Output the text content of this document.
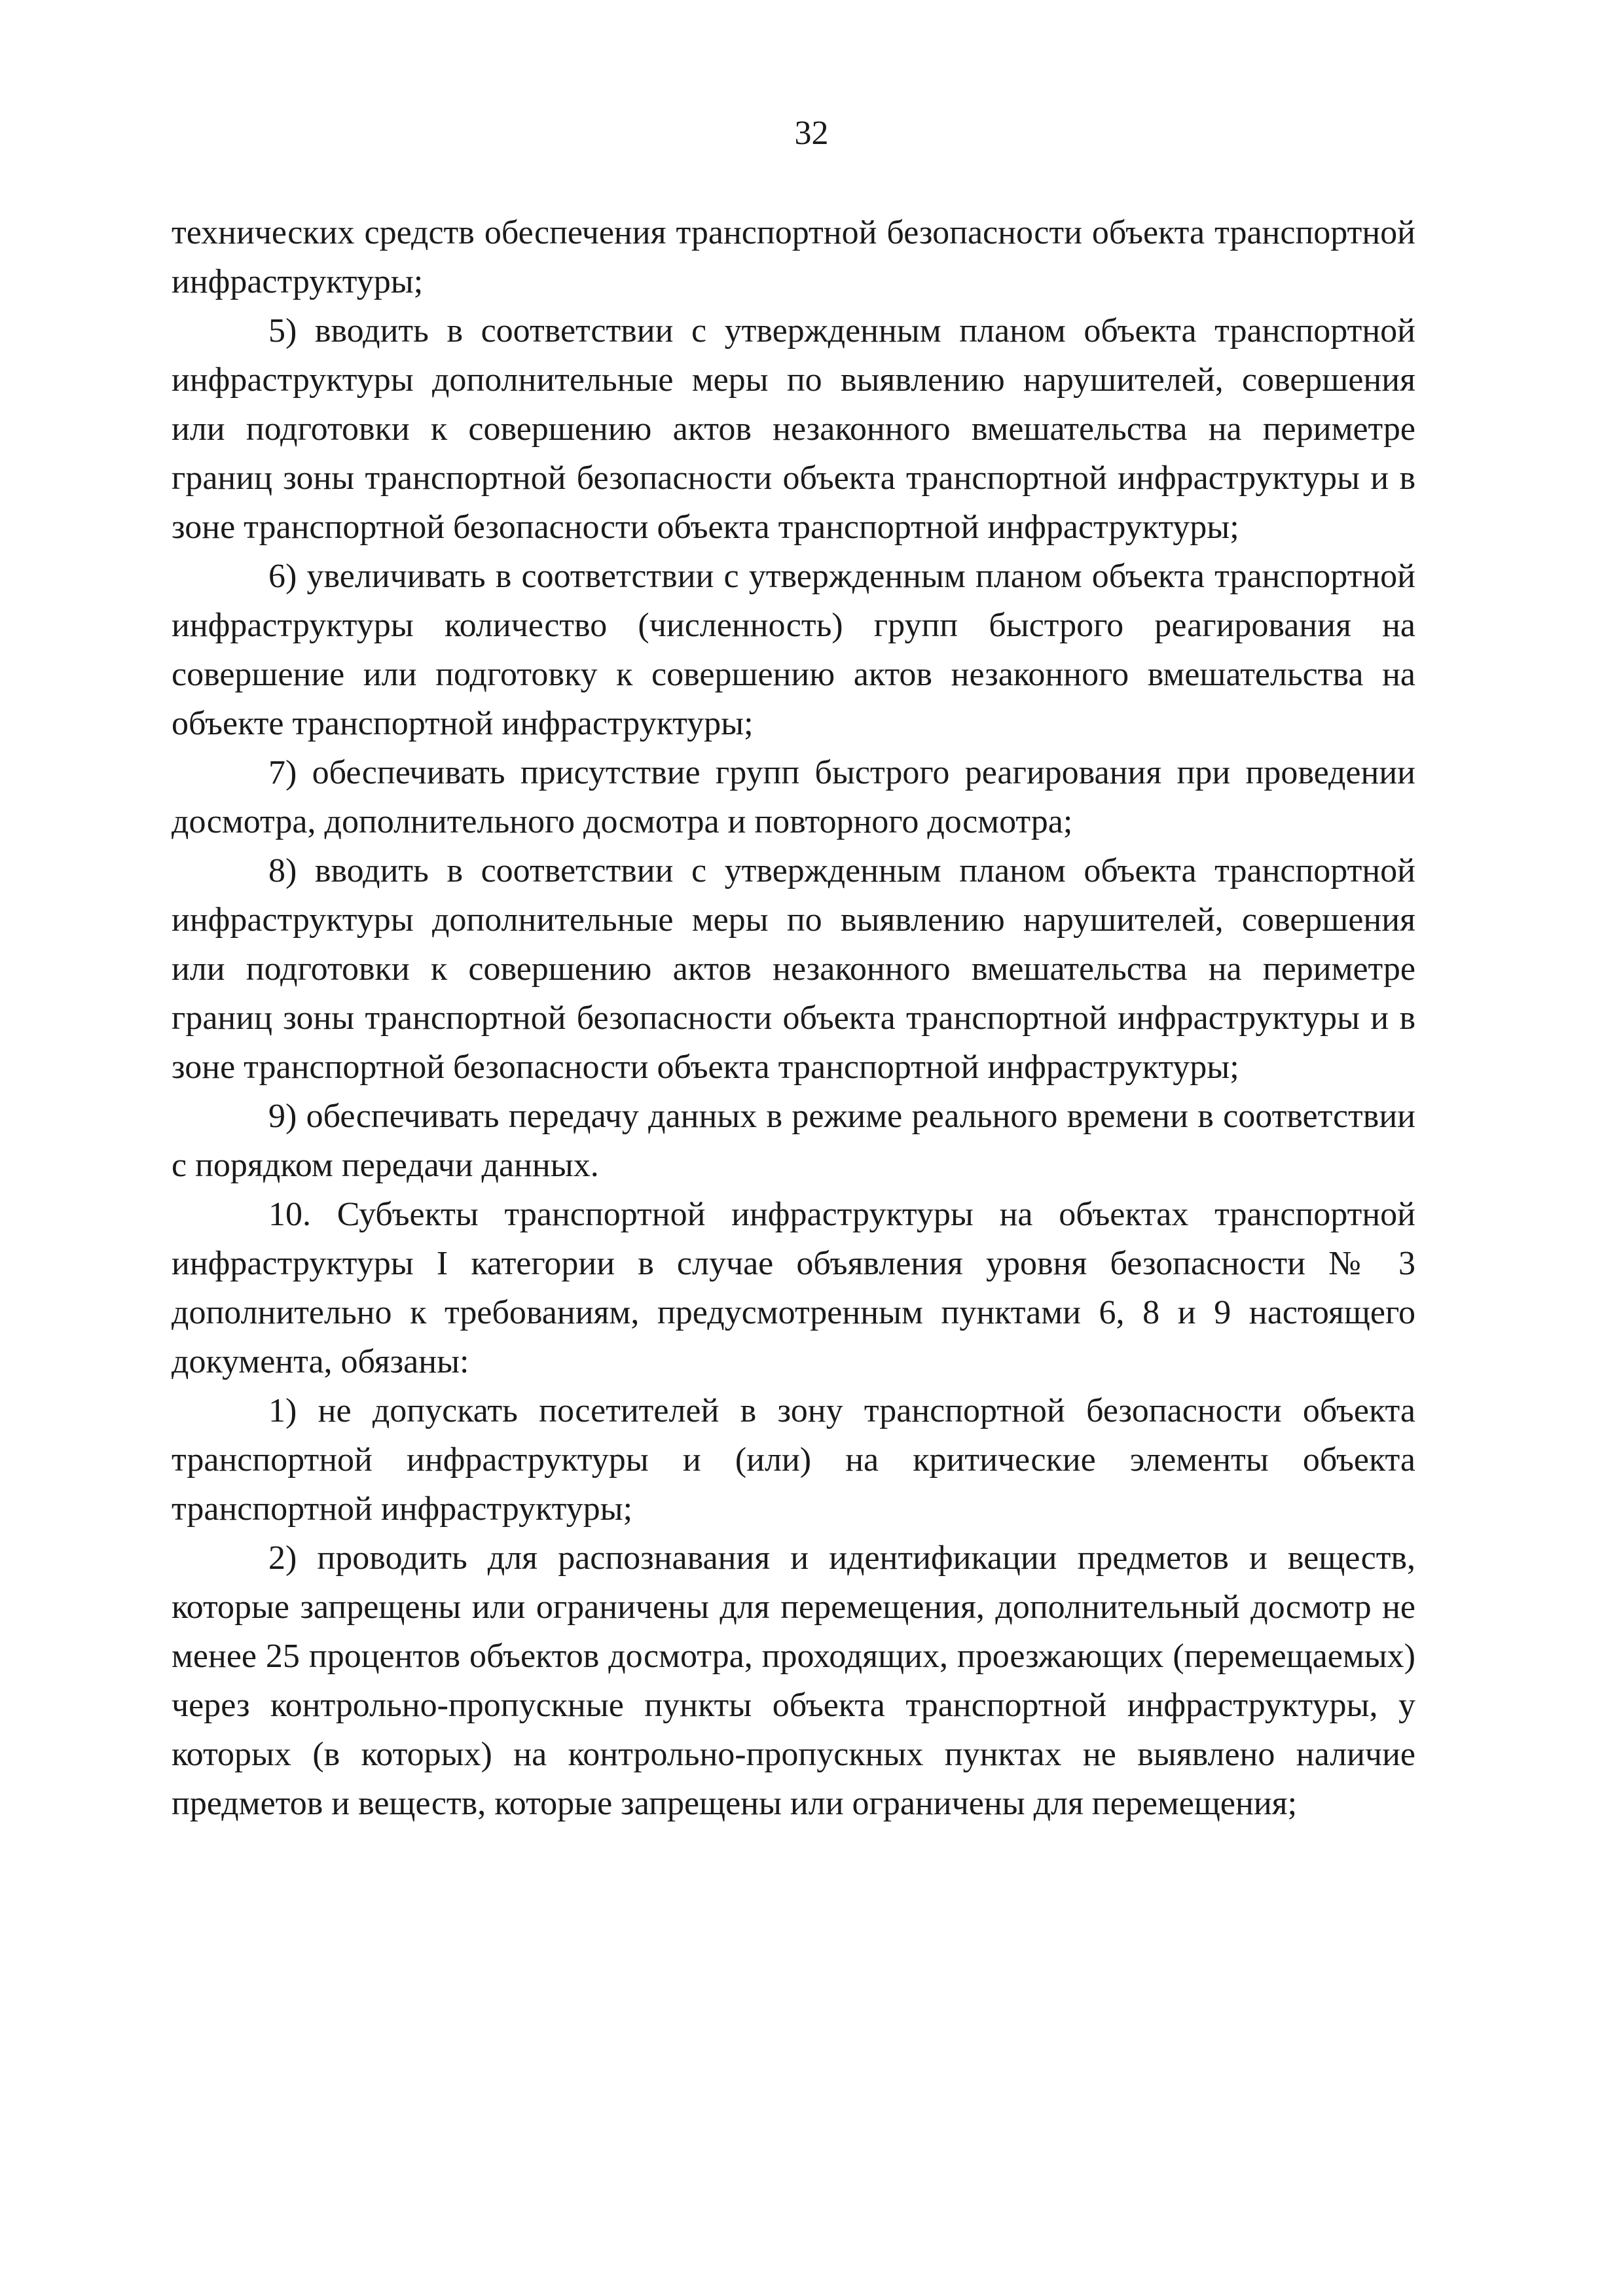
32

технических средств обеспечения транспортной безопасности объекта транспортной инфраструктуры;

5) вводить в соответствии с утвержденным планом объекта транспортной инфраструктуры дополнительные меры по выявлению нарушителей, совершения или подготовки к совершению актов незаконного вмешательства на периметре границ зоны транспортной безопасности объекта транспортной инфраструктуры и в зоне транспортной безопасности объекта транспортной инфраструктуры;

6) увеличивать в соответствии с утвержденным планом объекта транспортной инфраструктуры количество (численность) групп быстрого реагирования на совершение или подготовку к совершению актов незаконного вмешательства на объекте транспортной инфраструктуры;

7) обеспечивать присутствие групп быстрого реагирования при проведении досмотра, дополнительного досмотра и повторного досмотра;

8) вводить в соответствии с утвержденным планом объекта транспортной инфраструктуры дополнительные меры по выявлению нарушителей, совершения или подготовки к совершению актов незаконного вмешательства на периметре границ зоны транспортной безопасности объекта транспортной инфраструктуры и в зоне транспортной безопасности объекта транспортной инфраструктуры;

9) обеспечивать передачу данных в режиме реального времени в соответствии с порядком передачи данных.

10. Субъекты транспортной инфраструктуры на объектах транспортной инфраструктуры I категории в случае объявления уровня безопасности № 3 дополнительно к требованиям, предусмотренным пунктами 6, 8 и 9 настоящего документа, обязаны:

1) не допускать посетителей в зону транспортной безопасности объекта транспортной инфраструктуры и (или) на критические элементы объекта транспортной инфраструктуры;

2) проводить для распознавания и идентификации предметов и веществ, которые запрещены или ограничены для перемещения, дополнительный досмотр не менее 25 процентов объектов досмотра, проходящих, проезжающих (перемещаемых) через контрольно-пропускные пункты объекта транспортной инфраструктуры, у которых (в которых) на контрольно-пропускных пунктах не выявлено наличие предметов и веществ, которые запрещены или ограничены для перемещения;
